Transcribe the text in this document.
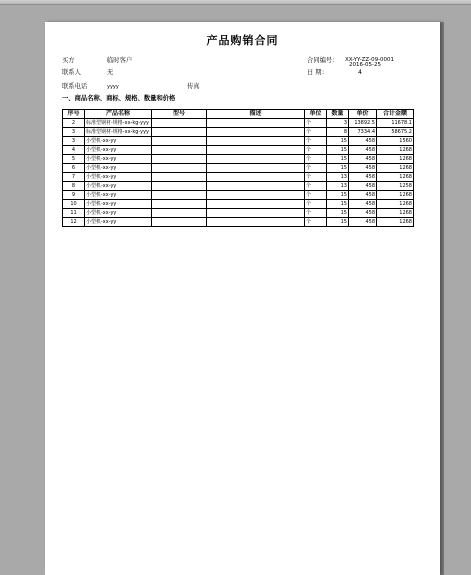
产品购销合同
买方	临时客户	合同编号： XX-YY-ZZ-09-0001
2016-05-25
联系人	无	日 期：	4
联系电话	yyyy	传真
一、商品名称、商标、规格、数量和价格
序号	产品名称	型号	描述	单位	数量	单价	合计金额
2	标准型钢材-规格-xx-kg-yyy			个	3	13892.5	11678.1
3	标准型钢材-规格-xx-kg-yyy			个	8	7334.4	58675.2
3	小型机-xx-yy			个	15	458	1560
4	小型机-xx-yy			个	15	458	1268
5	小型机-xx-yy			个	15	458	1268
6	小型机-xx-yy			个	15	458	1268
7	小型机-xx-yy			个	13	458	1268
8	小型机-xx-yy			个	13	458	1258
9	小型机-xx-yy			个	15	458	1268
10	小型机-xx-yy			个	15	458	1268
11	小型机-xx-yy			个	15	458	1268
12	小型机-xx-yy			个	15	458	1268
